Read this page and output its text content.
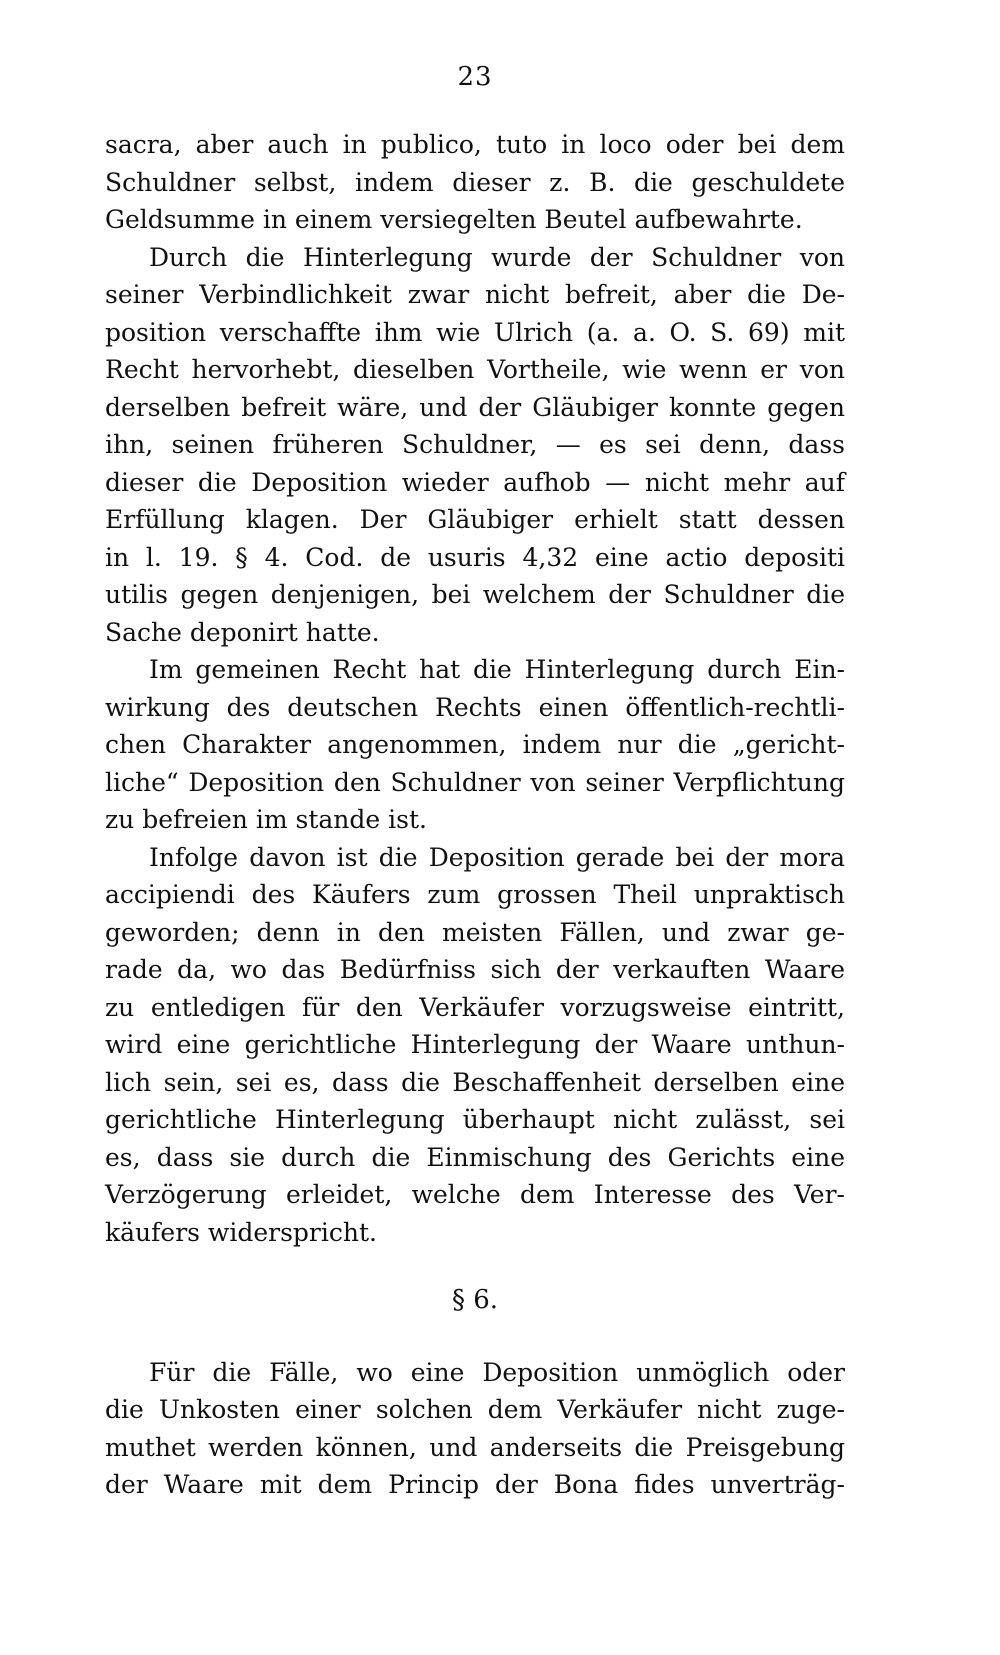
23
sacra, aber auch in publico, tuto in loco oder bei dem
Schuldner selbst, indem dieser z. B. die geschuldete
Geldsumme in einem versiegelten Beutel aufbewahrte.
Durch die Hinterlegung wurde der Schuldner von
seiner Verbindlichkeit zwar nicht befreit, aber die De-
position verschaffte ihm wie Ulrich (a. a. O. S. 69) mit
Recht hervorhebt, dieselben Vortheile, wie wenn er von
derselben befreit wäre, und der Gläubiger konnte gegen
ihn, seinen früheren Schuldner, — es sei denn, dass
dieser die Deposition wieder aufhob — nicht mehr auf
Erfüllung klagen. Der Gläubiger erhielt statt dessen
in l. 19. § 4. Cod. de usuris 4,32 eine actio depositi
utilis gegen denjenigen, bei welchem der Schuldner die
Sache deponirt hatte.
Im gemeinen Recht hat die Hinterlegung durch Ein-
wirkung des deutschen Rechts einen öffentlich-rechtli-
chen Charakter angenommen, indem nur die „gericht-
liche“ Deposition den Schuldner von seiner Verpflichtung
zu befreien im stande ist.
Infolge davon ist die Deposition gerade bei der mora
accipiendi des Käufers zum grossen Theil unpraktisch
geworden; denn in den meisten Fällen, und zwar ge-
rade da, wo das Bedürfniss sich der verkauften Waare
zu entledigen für den Verkäufer vorzugsweise eintritt,
wird eine gerichtliche Hinterlegung der Waare unthun-
lich sein, sei es, dass die Beschaffenheit derselben eine
gerichtliche Hinterlegung überhaupt nicht zulässt, sei
es, dass sie durch die Einmischung des Gerichts eine
Verzögerung erleidet, welche dem Interesse des Ver-
käufers widerspricht.
§ 6.
Für die Fälle, wo eine Deposition unmöglich oder
die Unkosten einer solchen dem Verkäufer nicht zuge-
muthet werden können, und anderseits die Preisgebung
der Waare mit dem Princip der Bona fides unverträg-
